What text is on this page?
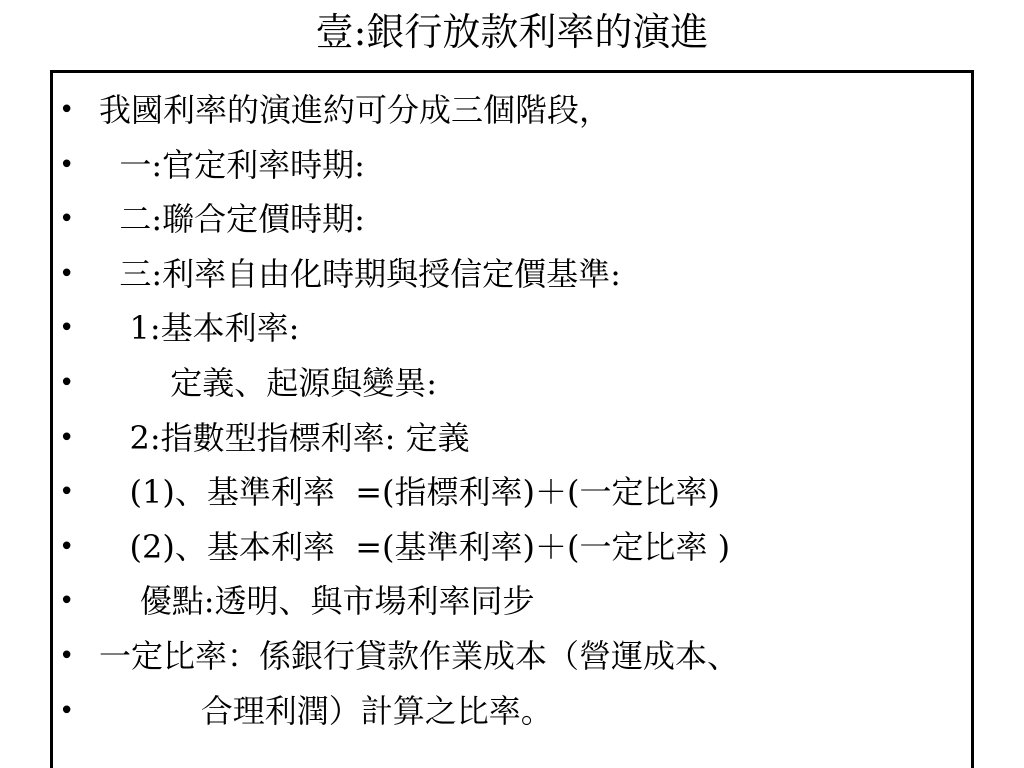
壹:銀行放款利率的演進

•

我國利率的演進約可分成三個階段，

•

一:官定利率時期:

•

二:聯合定價時期:

•

三:利率自由化時期與授信定價基準:

•

1:基本利率:

•

定義、起源與變異:

•

2:指數型指標利率: 定義

•

(1)、基準利率  =(指標利率)＋(一定比率)

•

(2)、基本利率  =(基準利率)＋(一定比率 )

•

優點:透明、與市場利率同步

•

一定比率：係銀行貸款作業成本（營運成本、

•

合理利潤）計算之比率。
